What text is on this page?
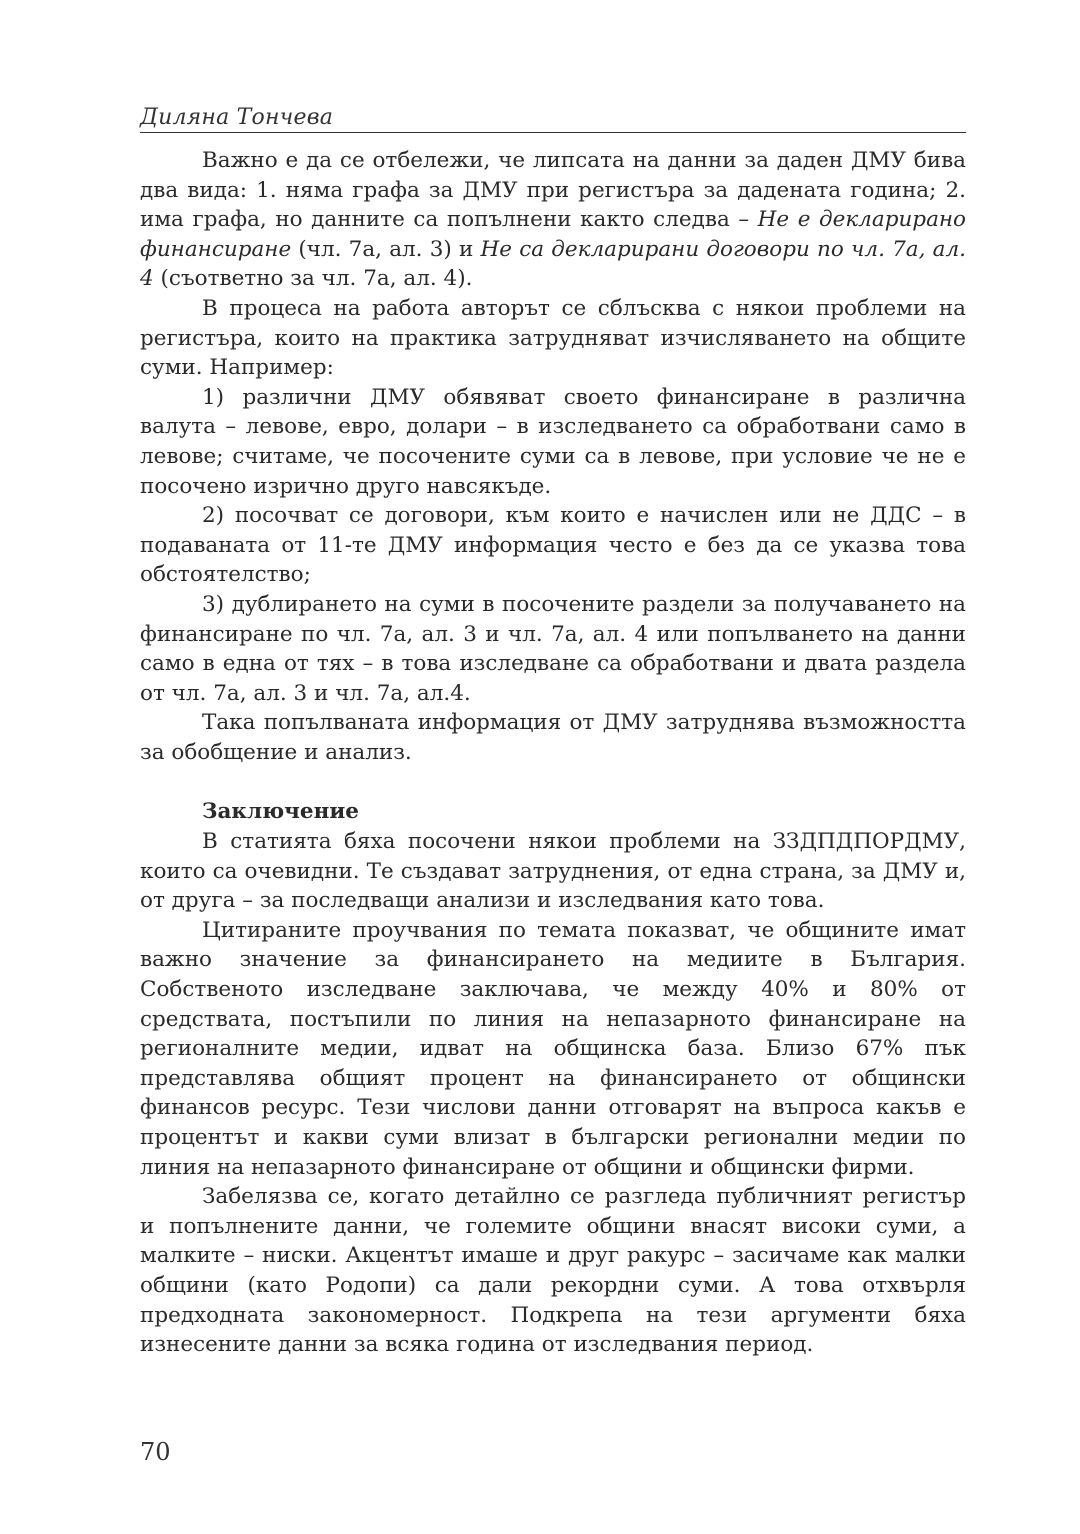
Диляна Тончева

Важно е да се отбележи, че липсата на данни за даден ДМУ бива два вида: 1. няма графа за ДМУ при регистъра за дадената година; 2. има графа, но данните са попълнени както следва – Не е декларирано финансиране (чл. 7а, ал. 3) и Не са декларирани договори по чл. 7а, ал. 4 (съответно за чл. 7а, ал. 4).

В процеса на работа авторът се сблъсква с някои проблеми на регистъра, които на практика затрудняват изчисляването на общите суми. Например:

1) различни ДМУ обявяват своето финансиране в различна валута – левове, евро, долари – в изследването са обработвани само в левове; считаме, че посочените суми са в левове, при условие че не е посочено изрично друго навсякъде.

2) посочват се договори, към които е начислен или не ДДС – в подаваната от 11-те ДМУ информация често е без да се указва това обстоятелство;

3) дублирането на суми в посочените раздели за получаването на финансиране по чл. 7а, ал. 3 и чл. 7а, ал. 4 или попълването на данни само в една от тях – в това изследване са обработвани и двата раздела от чл. 7а, ал. 3 и чл. 7а, ал.4.

Така попълваната информация от ДМУ затруднява възможността за обобщение и анализ.

Заключение

В статията бяха посочени някои проблеми на ЗЗДПДПОРДМУ, които са очевидни. Те създават затруднения, от една страна, за ДМУ и, от друга – за последващи анализи и изследвания като това.

Цитираните проучвания по темата показват, че общините имат важно значение за финансирането на медиите в България. Собственото изследване заключава, че между 40% и 80% от средствата, постъпили по линия на непазарното финансиране на регионалните медии, идват на общинска база. Близо 67% пък представлява общият процент на финансирането от общински финансов ресурс. Тези числови данни отговарят на въпроса какъв е процентът и какви суми влизат в български регионални медии по линия на непазарното финансиране от общини и общински фирми.

Забелязва се, когато детайлно се разгледа публичният регистър и попълнените данни, че големите общини внасят високи суми, а малките – ниски. Акцентът имаше и друг ракурс – засичаме как малки общини (като Родопи) са дали рекордни суми. А това отхвърля предходната закономерност. Подкрепа на тези аргументи бяха изнесените данни за всяка година от изследвания период.

70
